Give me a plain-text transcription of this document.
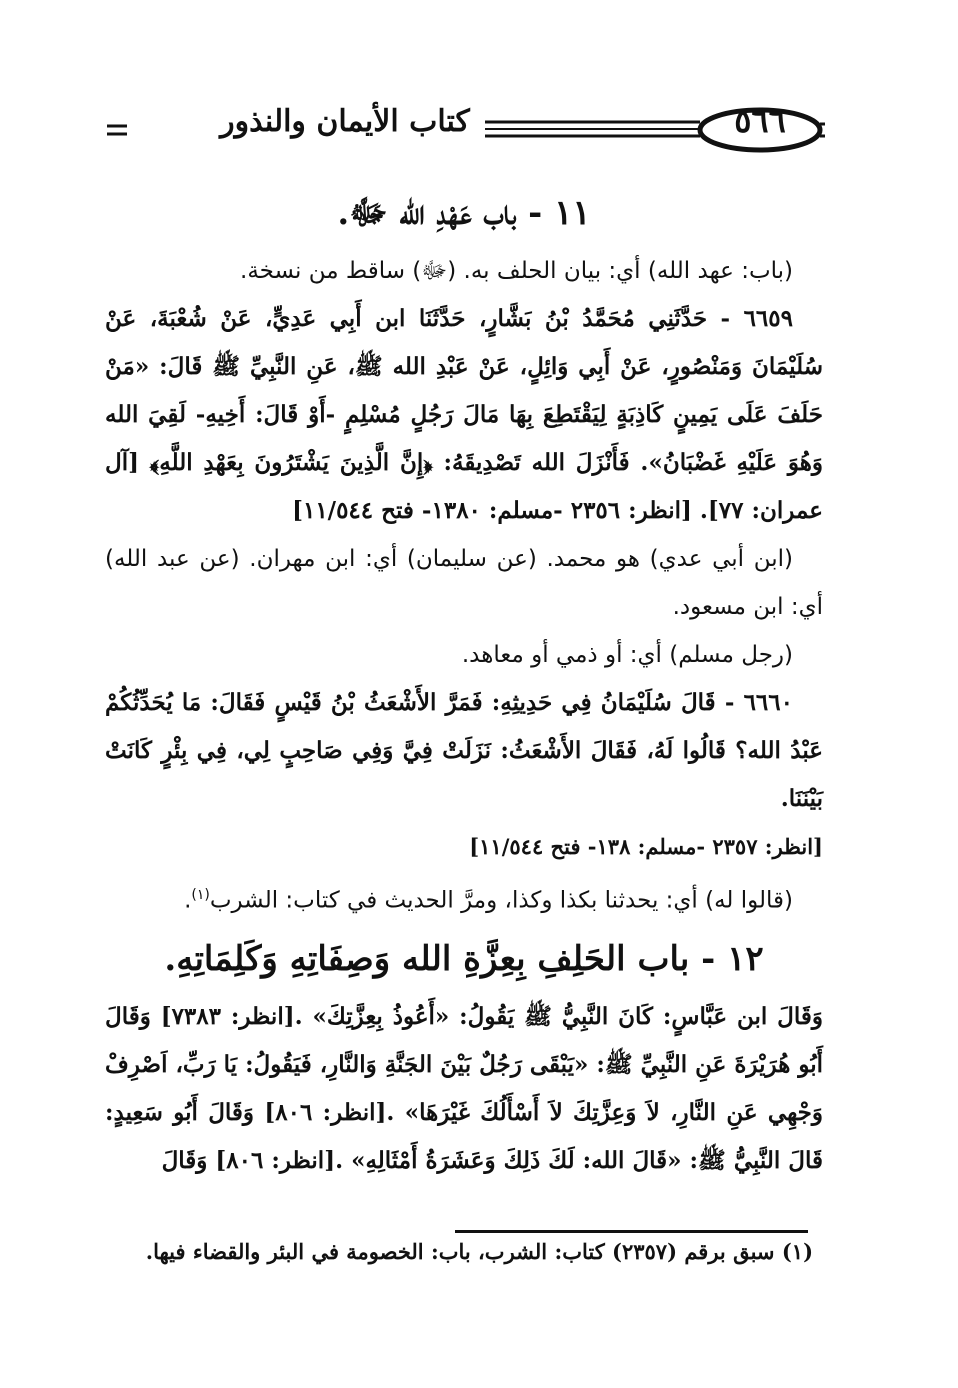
كتاب الأيمان والنذور	٥٦٦
١١ - باب عَهْدِ الله ﷻ.

(باب: عهد الله) أي: بيان الحلف به. (ﷻ) ساقط من نسخة.

٦٦٥٩ - حَدَّثَنِي مُحَمَّدُ بْنُ بَشَّارٍ، حَدَّثَنَا ابن أَبِي عَدِيٍّ، عَنْ شُعْبَةَ، عَنْ سُلَيْمَانَ وَمَنْصُورٍ، عَنْ أَبِي وَائِلٍ، عَنْ عَبْدِ الله ﷺ، عَنِ النَّبِيِّ ﷺ قَالَ: «مَنْ حَلَفَ عَلَى يَمِينٍ كَاذِبَةٍ لِيَقْتَطِعَ بِهَا مَالَ رَجُلٍ مُسْلِمٍ -أَوْ قَالَ: أَخِيهِ- لَقِيَ الله وَهُوَ عَلَيْهِ غَضْبَانُ». فَأَنْزَلَ الله تَصْدِيقَهُ: ﴿إِنَّ الَّذِينَ يَشْتَرُونَ بِعَهْدِ اللَّهِ﴾ [آل عمران: ٧٧]. [انظر: ٢٣٥٦ -مسلم: ١٣٨٠- فتح ١١/٥٤٤]

(ابن أبي عدي) هو محمد. (عن سليمان) أي: ابن مهران. (عن عبد الله) أي: ابن مسعود.

(رجل مسلم) أي: أو ذمي أو معاهد.

٦٦٦٠ - قَالَ سُلَيْمَانُ فِي حَدِيثِهِ: فَمَرَّ الأَشْعَثُ بْنُ قَيْسٍ فَقَالَ: مَا يُحَدِّثُكُمْ عَبْدُ الله؟ قَالُوا لَهُ، فَقَالَ الأَشْعَثُ: نَزَلَتْ فِيَّ وَفِي صَاحِبٍ لِي، فِي بِئْرٍ كَانَتْ بَيْنَنَا.

[انظر: ٢٣٥٧ -مسلم: ١٣٨- فتح ١١/٥٤٤]

(قالوا له) أي: يحدثنا بكذا وكذا، ومرَّ الحديث في كتاب: الشرب$^{(١)}$.

١٢ - باب الحَلِفِ بِعِزَّةِ الله وَصِفَاتِهِ وَكَلِمَاتِهِ.

وَقَالَ ابن عَبَّاسٍ: كَانَ النَّبِيُّ ﷺ يَقُولُ: «أَعُوذُ بِعِزَّتِكَ» .[انظر: ٧٣٨٣] وَقَالَ أَبُو هُرَيْرَةَ عَنِ النَّبِيِّ ﷺ: «يَبْقَى رَجُلٌ بَيْنَ الجَنَّةِ وَالنَّارِ، فَيَقُولُ: يَا رَبِّ، اَصْرِفْ وَجْهِي عَنِ النَّارِ، لاَ وَعِزَّتِكَ لاَ أَسْأَلُكَ غَيْرَهَا» .[انظر: ٨٠٦] وَقَالَ أَبُو سَعِيدٍ: قَالَ النَّبِيُّ ﷺ: «قَالَ الله: لَكَ ذَلِكَ وَعَشَرَةُ أَمْثَالِهِ» .[انظر: ٨٠٦] وَقَالَ

(١) سبق برقم (٢٣٥٧) كتاب: الشرب، باب: الخصومة في البئر والقضاء فيها.
